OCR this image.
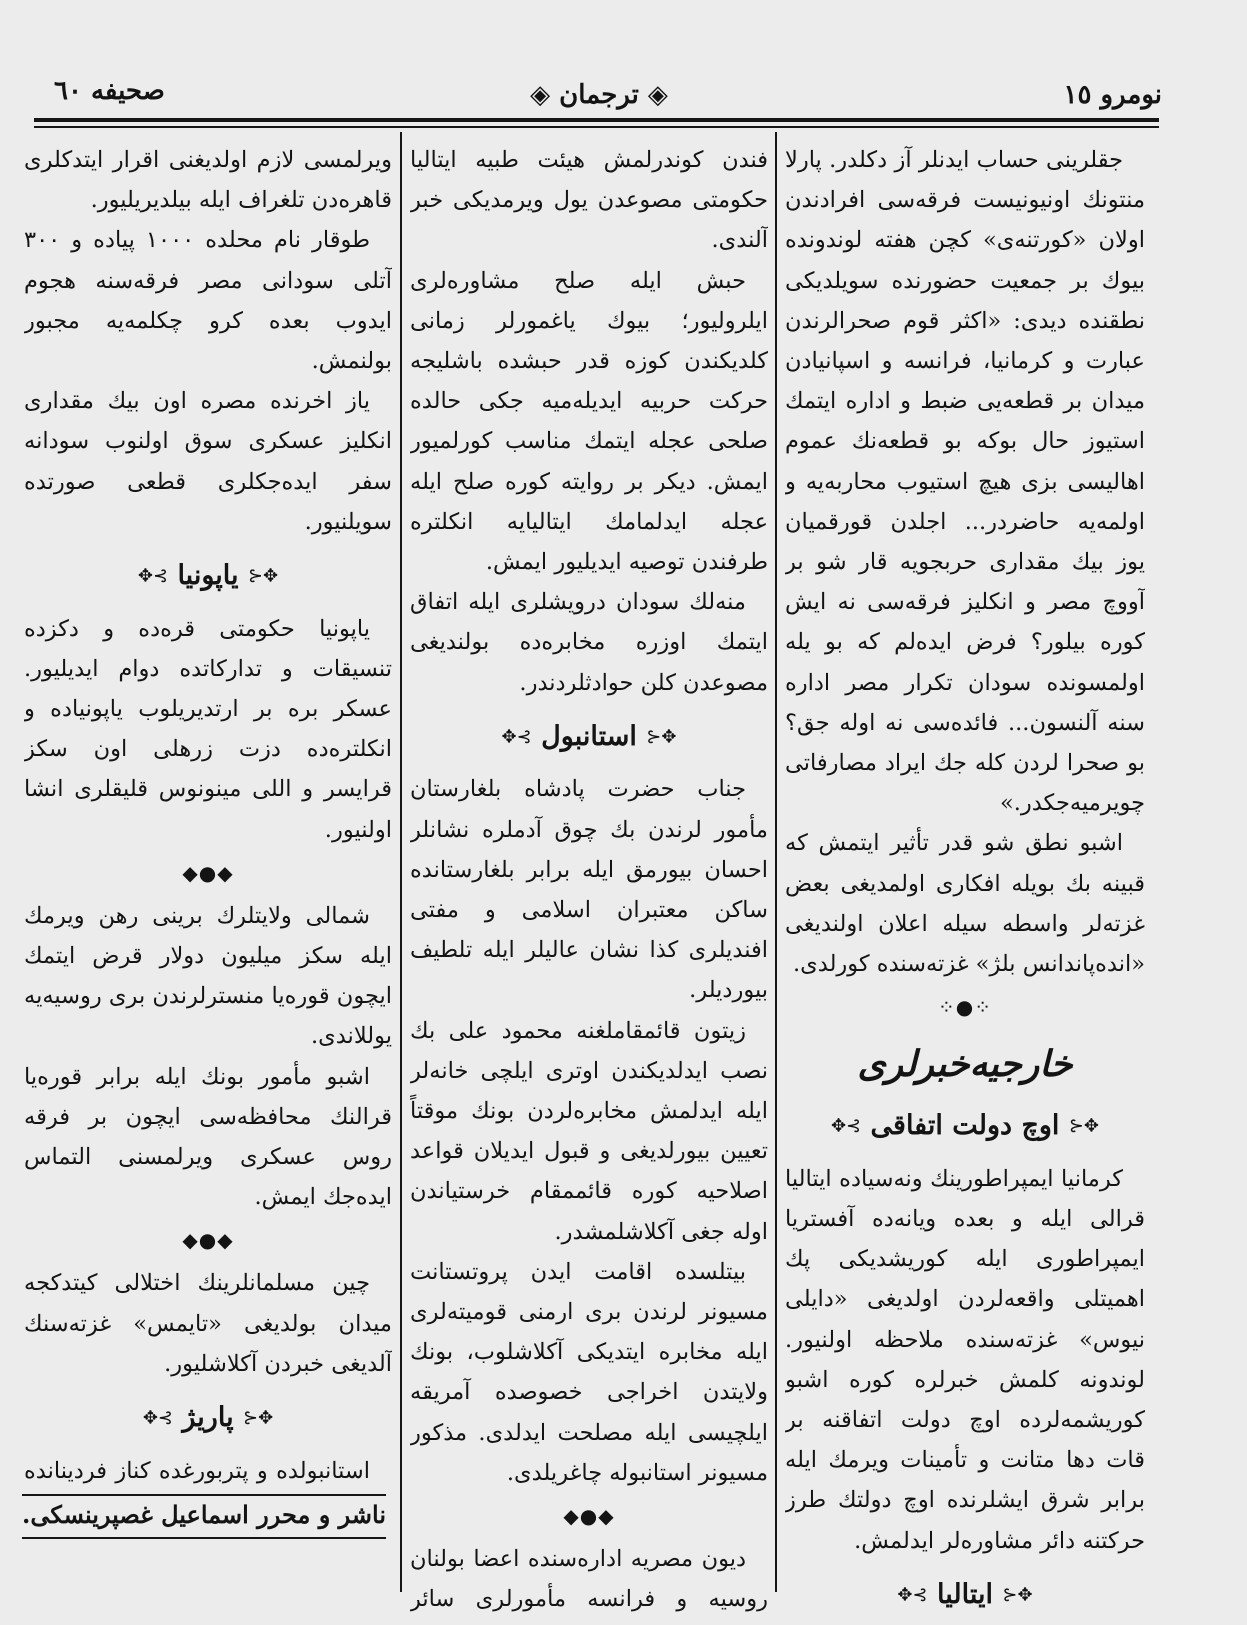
نومرو ١٥
◈ ترجمان ◈
صحيفه ٦٠

جقلرینی حساب ایدنلر آز دکلدر. پارلا منتونك اونیونیست فرقه‌سی افرادندن اولان «کورتنه‌ی» کچن هفته لوندونده بیوك بر جمعیت حضورنده سویلدیکی نطقنده دیدی: «اکثر قوم صحرالرندن عبارت و کرمانیا، فرانسه و اسپانیادن میدان بر قطعه‌یی ضبط و اداره ایتمك استیوز حال بوکه بو قطعه‌نك عموم اهالیسی بزی هیچ استیوب محاربه‌یه و اولمه‌یه حاضردر... اجلدن قورقمیان یوز بیك مقداری حربجویه قار شو بر آووچ مصر و انکلیز فرقه‌سی نه ایش کوره بیلور؟ فرض ایدەلم که بو یله اولمسونده سودان تکرار مصر اداره سنه آلنسون... فائده‌سی نه اوله جق؟ بو صحرا لردن کله جك ایراد مصارفاتی چویرمیه‌جکدر.»

اشبو نطق شو قدر تأثیر ایتمش که قبینه بك بویله افکاری اولمدیغی بعض غزته‌لر واسطه سیله اعلان اولندیغی «انده‌پاندانس بلژ» غزته‌سنده کورلدی.

⁘●⁘
خارجیه‌خبرلری
✥⊰ اوچ دولت اتفاقی ⊱✥

کرمانیا ایمپراطورینك ونه‌سیاده ایتالیا قرالی ایله و بعده ویانه‌ده آفستریا ایمپراطوری ایله کوریشدیکی پك اهمیتلی واقعه‌لردن اولدیغی «دایلی نیوس» غزته‌سنده ملاحظه اولنیور. لوندونه کلمش خبرلره کوره اشبو کوریشمه‌لرده اوچ دولت اتفاقنه بر قات دها متانت و تأمینات ویرمك ایله برابر شرق ایشلرنده اوچ دولتك طرز حرکتنه دائر مشاوره‌لر ایدلمش.

✥⊰ ایتالیا ⊱✥

فندن کوندرلمش هیئت طبیه ایتالیا حکومتی مصوعدن یول ویرمدیکی خبر آلندی.

حبش ایله صلح مشاوره‌لری ایلرولیور؛ بیوك یاغمورلر زمانی کلدیکندن کوزه قدر حبشده باشلیجه حرکت حربیه ایدیله‌میه جکی حالده صلحی عجله ایتمك مناسب کورلمیور ایمش. دیکر بر روایته کوره صلح ایله عجله ایدلمامك ایتالیایه انکلتره طرفندن توصیه ایدیلیور ایمش.

منه‌لك سودان درویشلری ایله اتفاق ایتمك اوزره مخابره‌ده بولندیغی مصوعدن کلن حوادثلردندر.

✥⊰ استانبول ⊱✥

جناب حضرت پادشاه بلغارستان مأمور لرندن بك چوق آدملره نشانلر احسان بیورمق ایله برابر بلغارستانده ساکن معتبران اسلامی و مفتی افندیلری کذا نشان عالیلر ایله تلطیف بیوردیلر.

زیتون قائمقاملغنه محمود علی بك نصب ایدلدیکندن اوتری ایلچی خانه‌لر ایله ایدلمش مخابره‌لردن بونك موقتاً تعیین بیورلدیغی و قبول ایدیلان قواعد اصلاحیه کوره قائممقام خرستیاندن اوله جغی آکلاشلمشدر.

بیتلسده اقامت ایدن پروتستانت مسیونر لرندن بری ارمنی قومیته‌لری ایله مخابره ایتدیکی آکلاشلوب، بونك ولایتدن اخراجی خصوصده آمریقه ایلچیسی ایله مصلحت ایدلدی. مذکور مسیونر استانبوله چاغریلدی.

◆●◆

دیون مصریه اداره‌سنده اعضا بولنان روسیه و فرانسه مأمورلری سائر

ویرلمسی لازم اولدیغنی اقرار ایتدکلری قاهره‌دن تلغراف ایله بیلدیریلیور.

طوقار نام محلده ١٠٠٠ پیاده و ٣٠٠ آتلی سودانی مصر فرقه‌سنه هجوم ایدوب بعده کرو چکلمه‌یه مجبور بولنمش.

یاز اخرنده مصره اون بیك مقداری انکلیز عسکری سوق اولنوب سودانه سفر ایده‌جکلری قطعی صورتده سویلنیور.

✥⊰ یاپونیا ⊱✥

یاپونیا حکومتی قره‌ده و دکزده تنسیقات و تدارکاتده دوام ایدیلیور. عسکر بره بر ارتدیریلوب یاپونیاده و انکلتره‌ده دزت زرهلی اون سکز قرایسر و اللی مینونوس قلیقلری انشا اولنیور.

◆●◆

شمالی ولایتلرك برینی رهن ویرمك ایله سکز میلیون دولار قرض ایتمك ایچون قوره‌یا منسترلرندن بری روسیه‌یه یوللاندی.

اشبو مأمور بونك ایله برابر قوره‌یا قرالنك محافظه‌سی ایچون بر فرقه روس عسکری ویرلمسنی التماس ایده‌جك ایمش.

◆●◆

چین مسلمانلرینك اختلالی کیتدکجه میدان بولدیغی «تایمس» غزته‌سنك آلدیغی خبردن آکلاشلیور.

✥⊰ پاریژ ⊱✥

استانبولده و پتربورغده کناز فردیناندە

ناشر و محرر اسماعیل غصپرینسکی.
